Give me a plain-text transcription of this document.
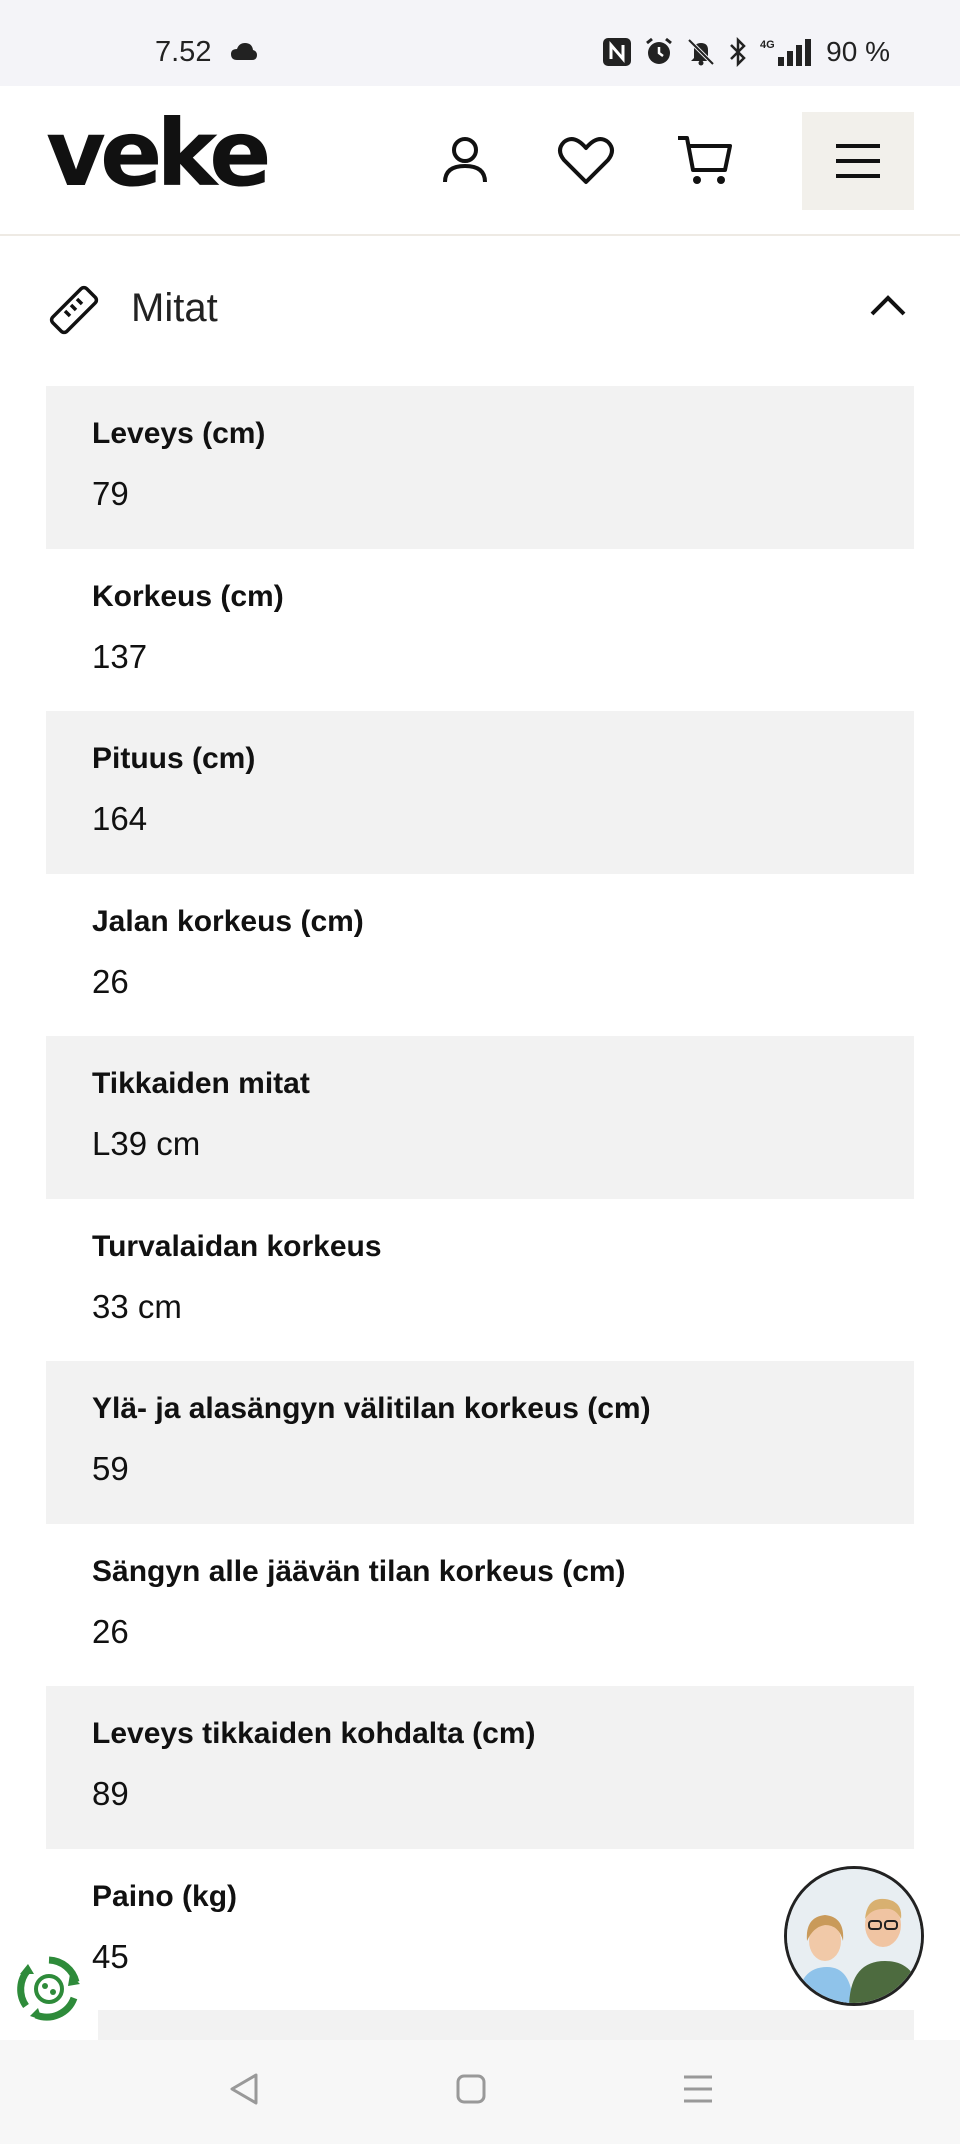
7.52	4G 90 %
veke
Mitat
Leveys (cm)
79
Korkeus (cm)
137
Pituus (cm)
164
Jalan korkeus (cm)
26
Tikkaiden mitat
L39 cm
Turvalaidan korkeus
33 cm
Ylä- ja alasängyn välitilan korkeus (cm)
59
Sängyn alle jäävän tilan korkeus (cm)
26
Leveys tikkaiden kohdalta (cm)
89
Paino (kg)
45
